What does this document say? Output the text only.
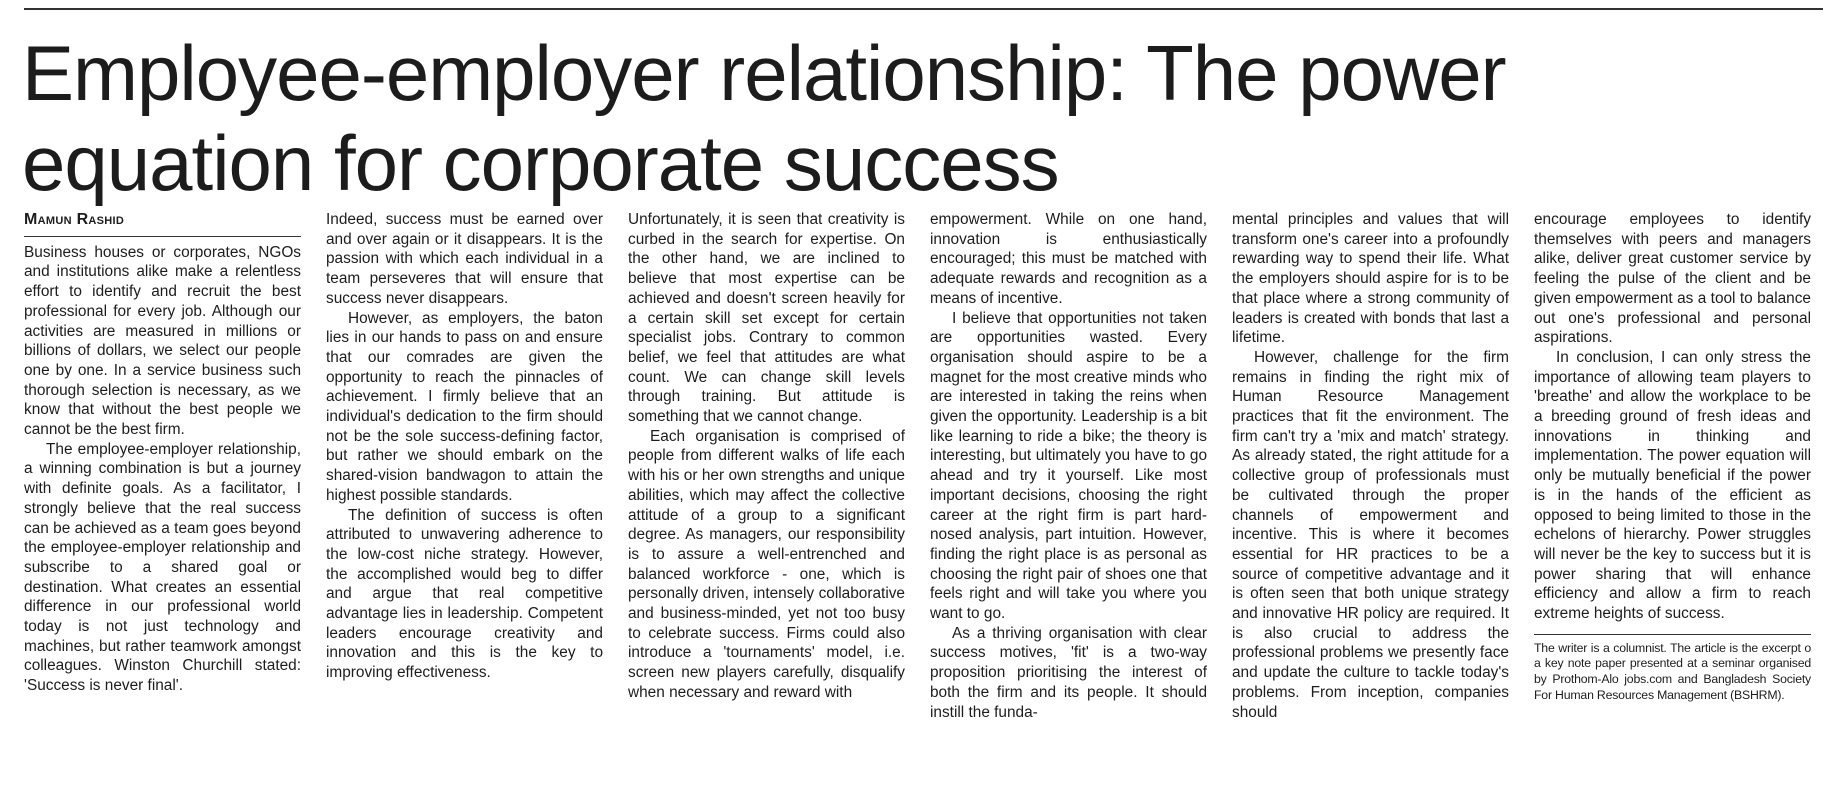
Employee-employer relationship: The power
equation for corporate success
Mamun Rashid

Business houses or corporates, NGOs and institutions alike make a relentless effort to identify and recruit the best professional for every job. Although our activities are measured in millions or billions of dollars, we select our people one by one. In a service business such thorough selection is necessary, as we know that without the best people we cannot be the best firm.

The employee-employer relationship, a winning combination is but a journey with definite goals. As a facilitator, I strongly believe that the real success can be achieved as a team goes beyond the employee-employer relationship and subscribe to a shared goal or destination. What creates an essential difference in our professional world today is not just technology and machines, but rather teamwork amongst colleagues. Winston Churchill stated: 'Success is never final'.

Indeed, success must be earned over and over again or it disappears. It is the passion with which each individual in a team perseveres that will ensure that success never disappears.

However, as employers, the baton lies in our hands to pass on and ensure that our comrades are given the opportunity to reach the pinnacles of achievement. I firmly believe that an individual's dedication to the firm should not be the sole success-defining factor, but rather we should embark on the shared-vision bandwagon to attain the highest possible standards.

The definition of success is often attributed to unwavering adherence to the low-cost niche strategy. However, the accomplished would beg to differ and argue that real competitive advantage lies in leadership. Competent leaders encourage creativity and innovation and this is the key to improving effectiveness.

Unfortunately, it is seen that creativity is curbed in the search for expertise. On the other hand, we are inclined to believe that most expertise can be achieved and doesn't screen heavily for a certain skill set except for certain specialist jobs. Contrary to common belief, we feel that attitudes are what count. We can change skill levels through training. But attitude is something that we cannot change.

Each organisation is comprised of people from different walks of life each with his or her own strengths and unique abilities, which may affect the collective attitude of a group to a significant degree. As managers, our responsibility is to assure a well-entrenched and balanced workforce - one, which is personally driven, intensely collaborative and business-minded, yet not too busy to celebrate success. Firms could also introduce a 'tournaments' model, i.e. screen new players carefully, disqualify when necessary and reward with

empowerment. While on one hand, innovation is enthusiastically encouraged; this must be matched with adequate rewards and recognition as a means of incentive.

I believe that opportunities not taken are opportunities wasted. Every organisation should aspire to be a magnet for the most creative minds who are interested in taking the reins when given the opportunity. Leadership is a bit like learning to ride a bike; the theory is interesting, but ultimately you have to go ahead and try it yourself. Like most important decisions, choosing the right career at the right firm is part hard-nosed analysis, part intuition. However, finding the right place is as personal as choosing the right pair of shoes one that feels right and will take you where you want to go.

As a thriving organisation with clear success motives, 'fit' is a two-way proposition prioritising the interest of both the firm and its people. It should instill the funda-

mental principles and values that will transform one's career into a profoundly rewarding way to spend their life. What the employers should aspire for is to be that place where a strong community of leaders is created with bonds that last a lifetime.

However, challenge for the firm remains in finding the right mix of Human Resource Management practices that fit the environment. The firm can't try a 'mix and match' strategy. As already stated, the right attitude for a collective group of professionals must be cultivated through the proper channels of empowerment and incentive. This is where it becomes essential for HR practices to be a source of competitive advantage and it is often seen that both unique strategy and innovative HR policy are required. It is also crucial to address the professional problems we presently face and update the culture to tackle today's problems. From inception, companies should

encourage employees to identify themselves with peers and managers alike, deliver great customer service by feeling the pulse of the client and be given empowerment as a tool to balance out one's professional and personal aspirations.

In conclusion, I can only stress the importance of allowing team players to 'breathe' and allow the workplace to be a breeding ground of fresh ideas and innovations in thinking and implementation. The power equation will only be mutually beneficial if the power is in the hands of the efficient as opposed to being limited to those in the echelons of hierarchy. Power struggles will never be the key to success but it is power sharing that will enhance efficiency and allow a firm to reach extreme heights of success.

The writer is a columnist. The article is the excerpt o a key note paper presented at a seminar organised by Prothom-Alo jobs.com and Bangladesh Society For Human Resources Management (BSHRM).
